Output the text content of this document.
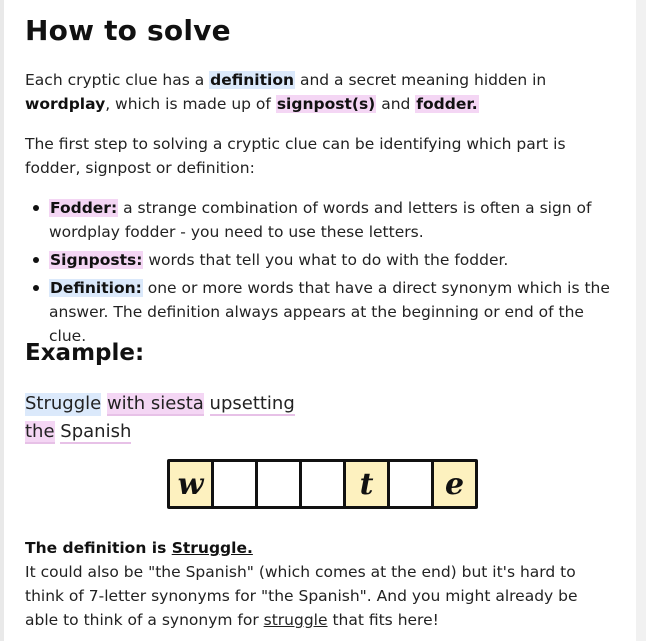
How to solve

Each cryptic clue has a definition and a secret meaning hidden in wordplay, which is made up of signpost(s) and fodder.

The first step to solving a cryptic clue can be identifying which part is fodder, signpost or definition:

Fodder: a strange combination of words and letters is often a sign of wordplay fodder - you need to use these letters.
Signposts: words that tell you what to do with the fodder.
Definition: one or more words that have a direct synonym which is the answer. The definition always appears at the beginning or end of the clue.
Example:
Struggle with siesta upsetting
the Spanish
w	t	e

The definition is Struggle.
It could also be "the Spanish" (which comes at the end) but it's hard to think of 7-letter synonyms for "the Spanish". And you might already be able to think of a synonym for struggle that fits here!
